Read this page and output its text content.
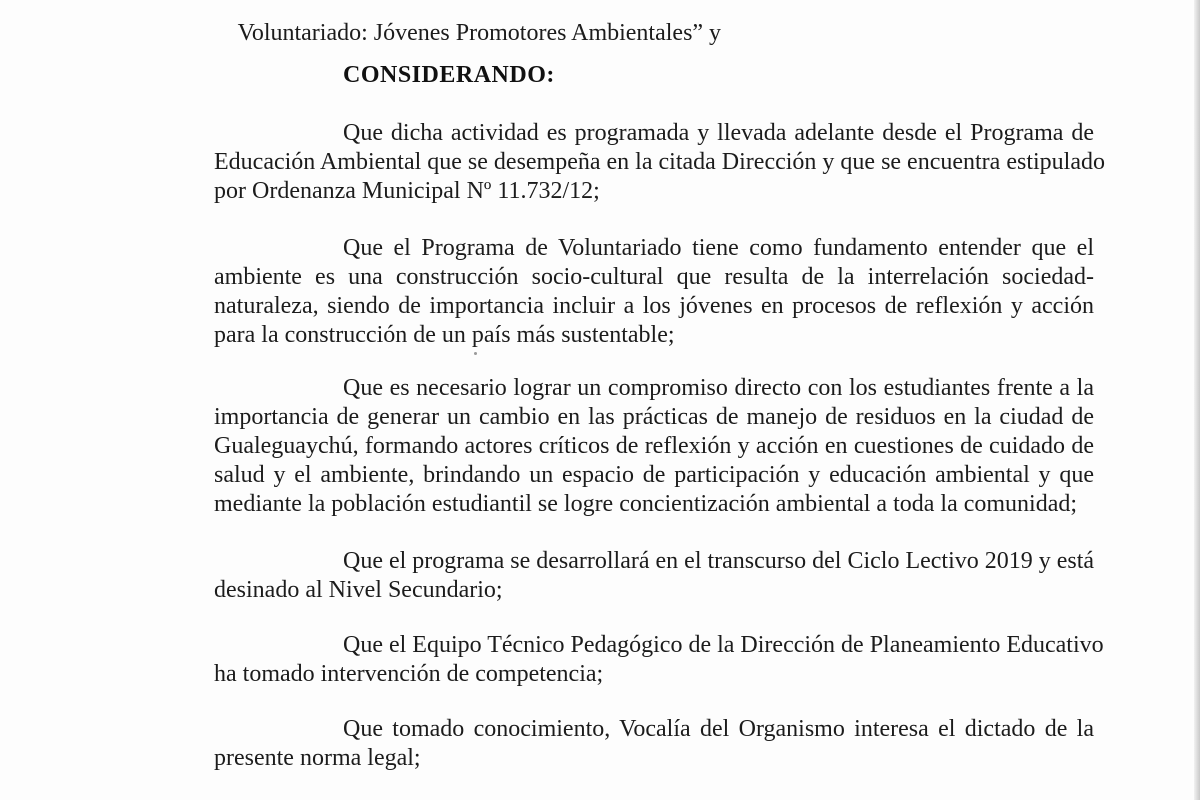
Voluntariado: Jóvenes Promotores Ambientales” y

CONSIDERANDO:
Que dicha actividad es programada y llevada adelante desde el Programa de
Educación Ambiental que se desempeña en la citada Dirección y que se encuentra estipulado
por Ordenanza Municipal Nº 11.732/12;
Que el Programa de Voluntariado tiene como fundamento entender que el
ambiente es una construcción socio-cultural que resulta de la interrelación sociedad-
naturaleza, siendo de importancia incluir a los jóvenes en procesos de reflexión y acción
para la construcción de un país más sustentable;
Que es necesario lograr un compromiso directo con los estudiantes frente a la
importancia de generar un cambio en las prácticas de manejo de residuos en la ciudad de
Gualeguaychú, formando actores críticos de reflexión y acción en cuestiones de cuidado de
salud y el ambiente, brindando un espacio de participación y educación ambiental y que
mediante la población estudiantil se logre concientización ambiental a toda la comunidad;
Que el programa se desarrollará en el transcurso del Ciclo Lectivo 2019 y está
desinado al Nivel Secundario;
Que el Equipo Técnico Pedagógico de la Dirección de Planeamiento Educativo
ha tomado intervención de competencia;
Que tomado conocimiento, Vocalía del Organismo interesa el dictado de la
presente norma legal;
